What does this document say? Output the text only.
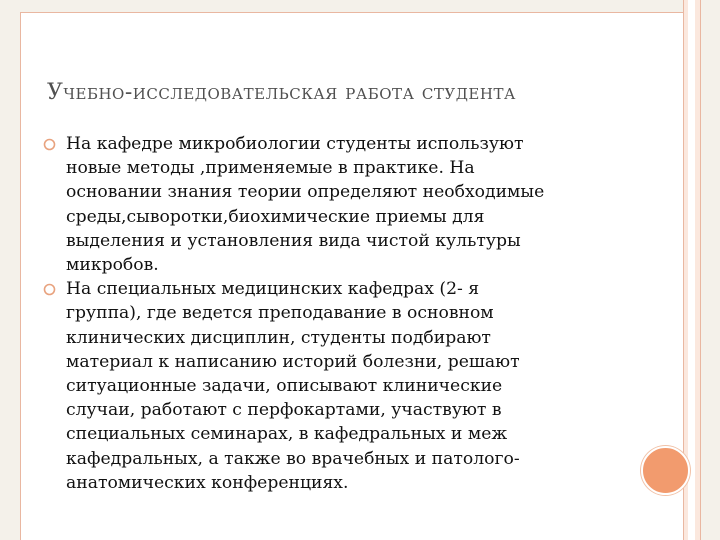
Учебно-исследовательская работа студента
На кафедре микробиологии студенты используют
новые методы ,применяемые в практике. На
основании знания теории определяют необходимые
среды,сыворотки,биохимические приемы для
выделения и установления вида чистой культуры
микробов.
На специальных медицинских кафедрах (2- я
группа), где ведется преподавание в основном
клинических дисциплин, студенты подбирают
материал к написанию историй болезни, решают
ситуационные задачи, описывают клинические
случаи, работают с перфокартами, участвуют в
специальных семинарах, в кафедральных и меж
кафедральных, а также во врачебных и патолого-
анатомических конференциях.
